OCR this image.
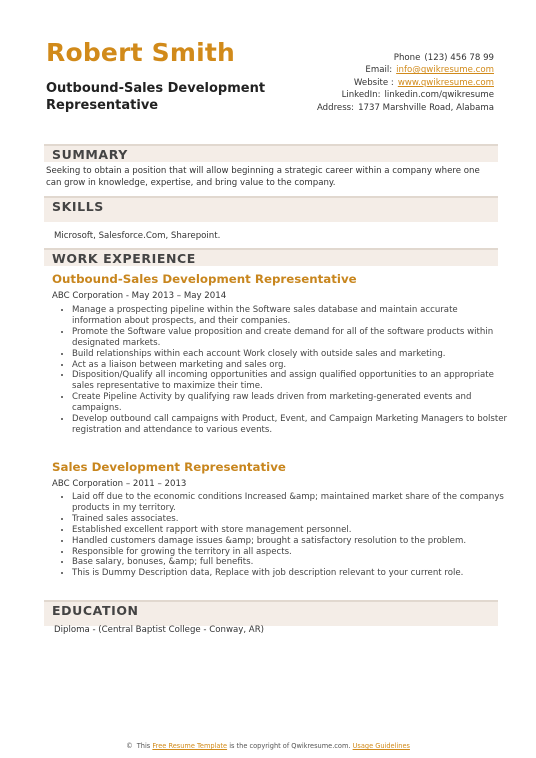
Robert Smith
Outbound-Sales Development Representative
Phone (123) 456 78 99
Email: info@qwikresume.com
Website : www.qwikresume.com
LinkedIn: linkedin.com/qwikresume
Address: 1737 Marshville Road, Alabama
SUMMARY
Seeking to obtain a position that will allow beginning a strategic career within a company where one can grow in knowledge, expertise, and bring value to the company.
SKILLS
Microsoft, Salesforce.Com, Sharepoint.
WORK EXPERIENCE
Outbound-Sales Development Representative
ABC Corporation - May 2013 – May 2014
• Manage a prospecting pipeline within the Software sales database and maintain accurate information about prospects, and their companies.
• Promote the Software value proposition and create demand for all of the software products within designated markets.
• Build relationships within each account Work closely with outside sales and marketing.
• Act as a liaison between marketing and sales org.
• Disposition/Qualify all incoming opportunities and assign qualified opportunities to an appropriate sales representative to maximize their time.
• Create Pipeline Activity by qualifying raw leads driven from marketing-generated events and campaigns.
• Develop outbound call campaigns with Product, Event, and Campaign Marketing Managers to bolster registration and attendance to various events.
Sales Development Representative
ABC Corporation – 2011 – 2013
• Laid off due to the economic conditions Increased &amp; maintained market share of the companys products in my territory.
• Trained sales associates.
• Established excellent rapport with store management personnel.
• Handled customers damage issues &amp; brought a satisfactory resolution to the problem.
• Responsible for growing the territory in all aspects.
• Base salary, bonuses, &amp; full benefits.
• This is Dummy Description data, Replace with job description relevant to your current role.
EDUCATION
Diploma - (Central Baptist College - Conway, AR)
© This Free Resume Template is the copyright of Qwikresume.com. Usage Guidelines
